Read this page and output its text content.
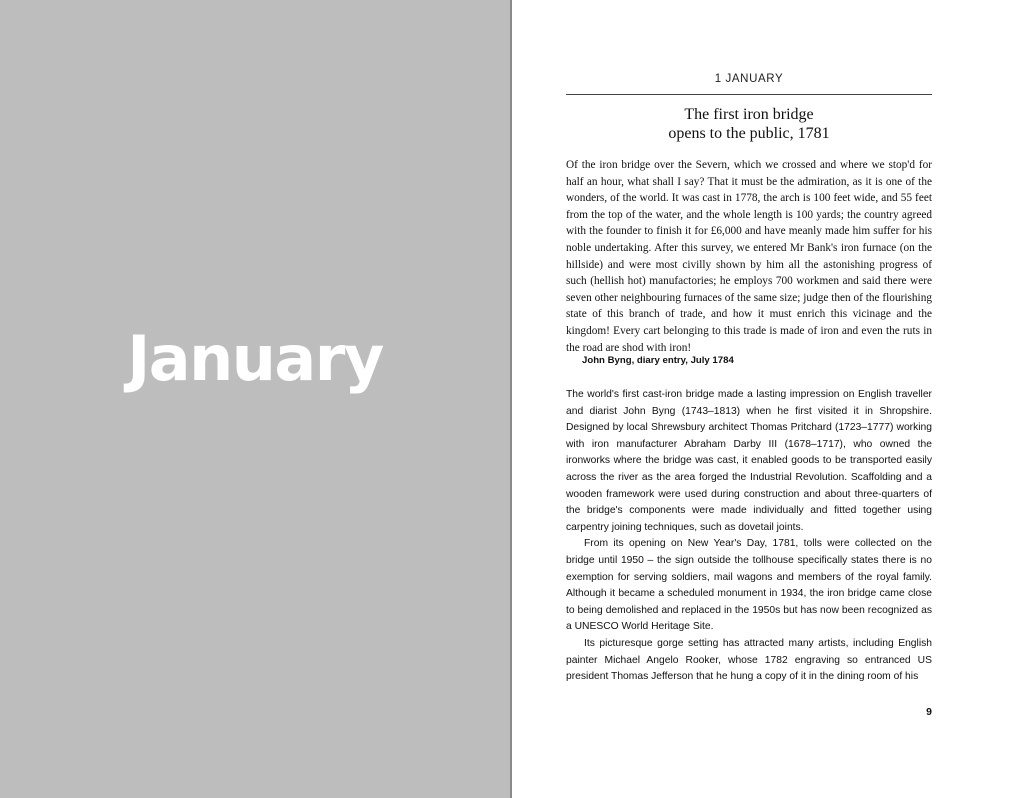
January
1 JANUARY
The first iron bridge
opens to the public, 1781
Of the iron bridge over the Severn, which we crossed and where we stop'd for half an hour, what shall I say? That it must be the admiration, as it is one of the wonders, of the world. It was cast in 1778, the arch is 100 feet wide, and 55 feet from the top of the water, and the whole length is 100 yards; the country agreed with the founder to finish it for £6,000 and have meanly made him suffer for his noble undertaking. After this survey, we entered Mr Bank's iron furnace (on the hillside) and were most civilly shown by him all the astonishing progress of such (hellish hot) manufactories; he employs 700 workmen and said there were seven other neighbouring furnaces of the same size; judge then of the flourishing state of this branch of trade, and how it must enrich this vicinage and the kingdom! Every cart belonging to this trade is made of iron and even the ruts in the road are shod with iron!
John Byng, diary entry, July 1784

The world's first cast-iron bridge made a lasting impression on English traveller and diarist John Byng (1743–1813) when he first visited it in Shropshire. Designed by local Shrewsbury architect Thomas Pritchard (1723–1777) working with iron manufacturer Abraham Darby III (1678–1717), who owned the ironworks where the bridge was cast, it enabled goods to be transported easily across the river as the area forged the Industrial Revolution. Scaffolding and a wooden framework were used during construction and about three-quarters of the bridge's components were made individually and fitted together using carpentry joining techniques, such as dovetail joints.

From its opening on New Year's Day, 1781, tolls were collected on the bridge until 1950 – the sign outside the tollhouse specifically states there is no exemption for serving soldiers, mail wagons and members of the royal family. Although it became a scheduled monument in 1934, the iron bridge came close to being demolished and replaced in the 1950s but has now been recognized as a UNESCO World Heritage Site.

Its picturesque gorge setting has attracted many artists, including English painter Michael Angelo Rooker, whose 1782 engraving so entranced US president Thomas Jefferson that he hung a copy of it in the dining room of his

9
